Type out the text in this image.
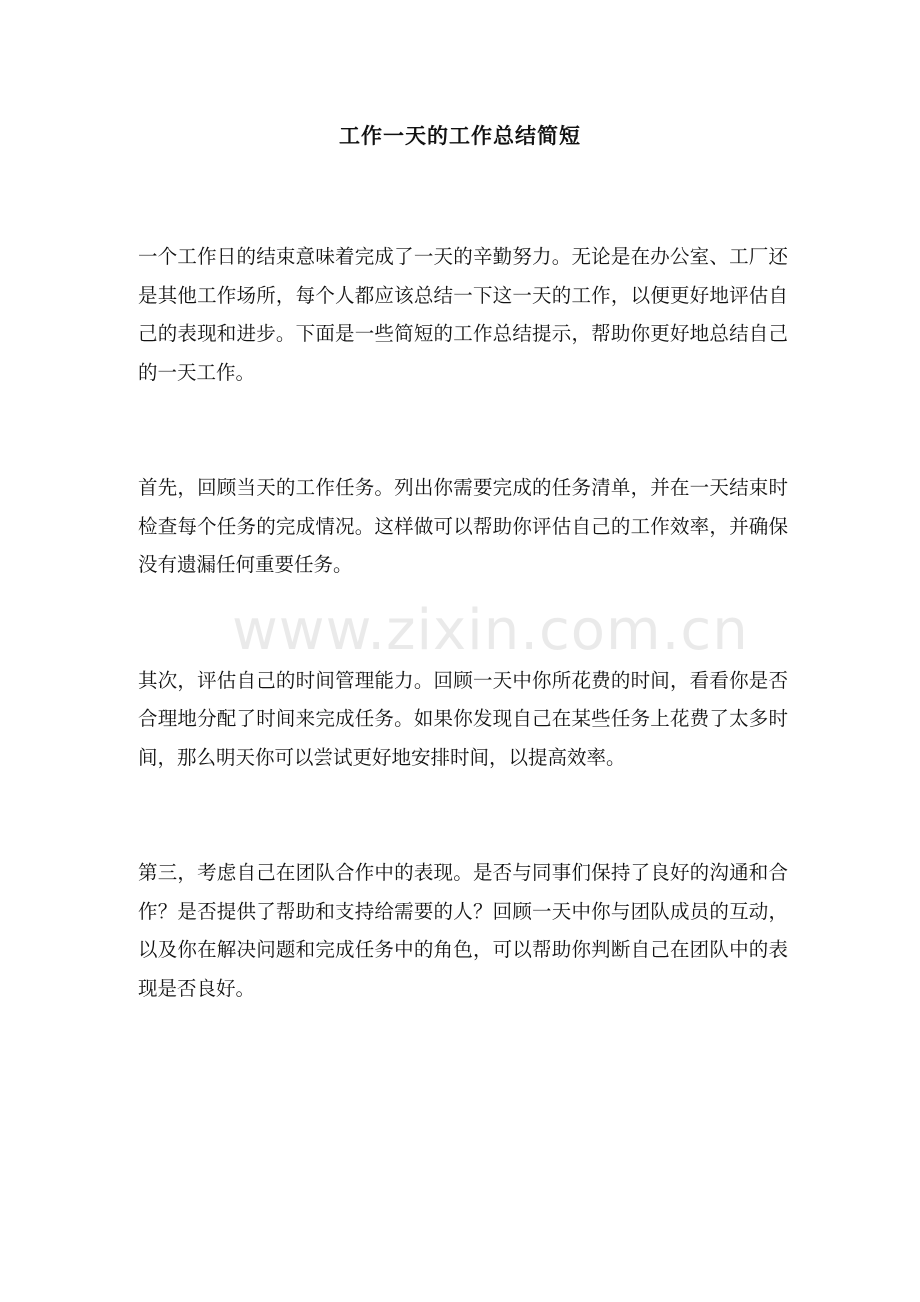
工作一天的工作总结简短

一个工作日的结束意味着完成了一天的辛勤努力。无论是在办公室、工厂还是其他工作场所，每个人都应该总结一下这一天的工作，以便更好地评估自己的表现和进步。下面是一些简短的工作总结提示，帮助你更好地总结自己的一天工作。

首先，回顾当天的工作任务。列出你需要完成的任务清单，并在一天结束时检查每个任务的完成情况。这样做可以帮助你评估自己的工作效率，并确保没有遗漏任何重要任务。

其次，评估自己的时间管理能力。回顾一天中你所花费的时间，看看你是否合理地分配了时间来完成任务。如果你发现自己在某些任务上花费了太多时间，那么明天你可以尝试更好地安排时间，以提高效率。

第三，考虑自己在团队合作中的表现。是否与同事们保持了良好的沟通和合作？是否提供了帮助和支持给需要的人？回顾一天中你与团队成员的互动，以及你在解决问题和完成任务中的角色，可以帮助你判断自己在团队中的表现是否良好。

www.zixin.com.cn
